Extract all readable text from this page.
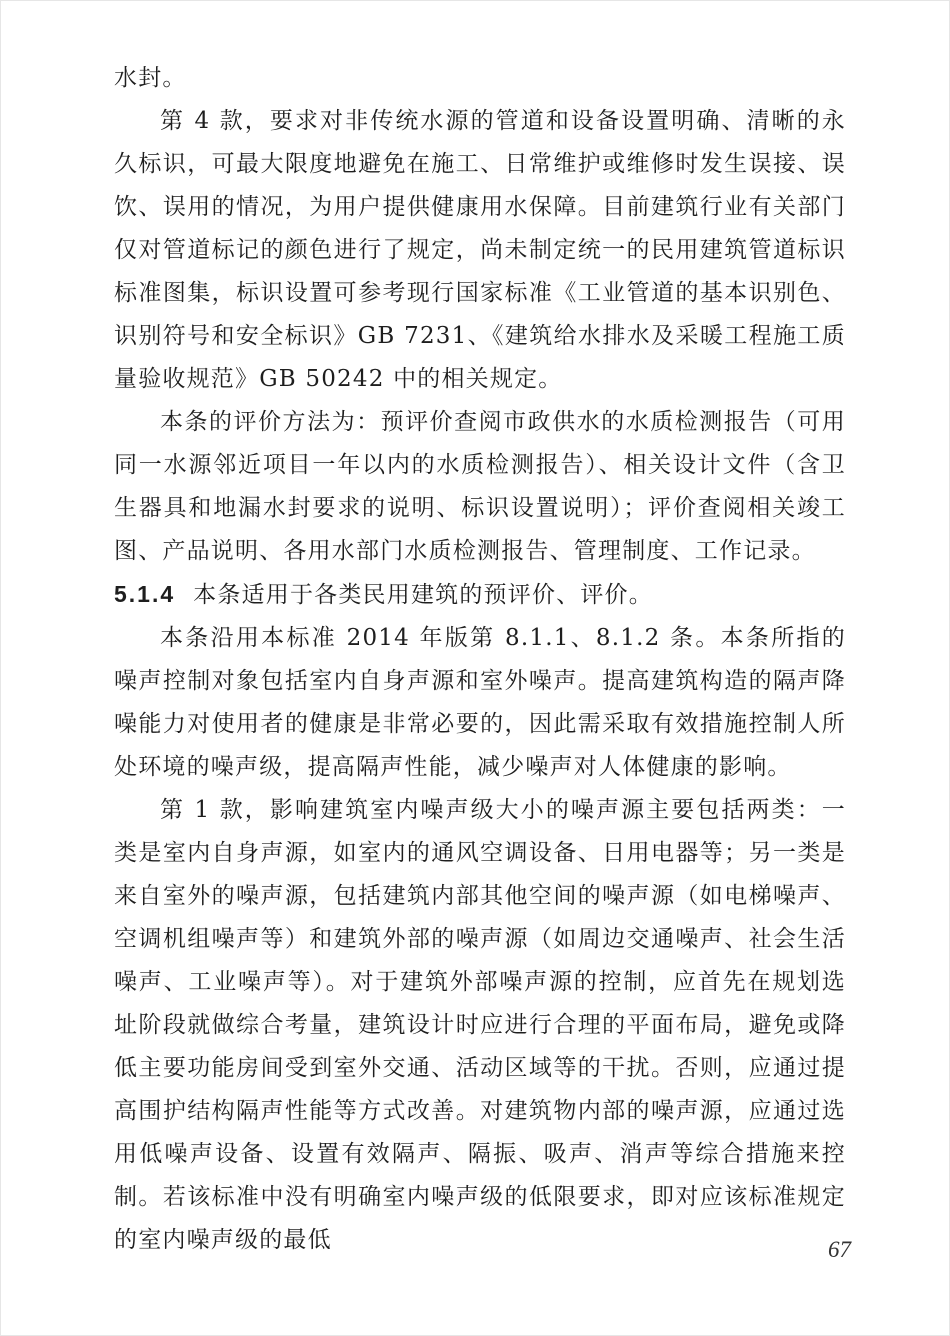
水封。

第 4 款，要求对非传统水源的管道和设备设置明确、清晰的永久标识，可最大限度地避免在施工、日常维护或维修时发生误接、误饮、误用的情况，为用户提供健康用水保障。目前建筑行业有关部门仅对管道标记的颜色进行了规定，尚未制定统一的民用建筑管道标识标准图集，标识设置可参考现行国家标准《工业管道的基本识别色、识别符号和安全标识》GB 7231、《建筑给水排水及采暖工程施工质量验收规范》GB 50242 中的相关规定。

本条的评价方法为：预评价查阅市政供水的水质检测报告（可用同一水源邻近项目一年以内的水质检测报告）、相关设计文件（含卫生器具和地漏水封要求的说明、标识设置说明）；评价查阅相关竣工图、产品说明、各用水部门水质检测报告、管理制度、工作记录。

5.1.4 本条适用于各类民用建筑的预评价、评价。

本条沿用本标准 2014 年版第 8.1.1、8.1.2 条。本条所指的噪声控制对象包括室内自身声源和室外噪声。提高建筑构造的隔声降噪能力对使用者的健康是非常必要的，因此需采取有效措施控制人所处环境的噪声级，提高隔声性能，减少噪声对人体健康的影响。

第 1 款，影响建筑室内噪声级大小的噪声源主要包括两类：一类是室内自身声源，如室内的通风空调设备、日用电器等；另一类是来自室外的噪声源，包括建筑内部其他空间的噪声源（如电梯噪声、空调机组噪声等）和建筑外部的噪声源（如周边交通噪声、社会生活噪声、工业噪声等）。对于建筑外部噪声源的控制，应首先在规划选址阶段就做综合考量，建筑设计时应进行合理的平面布局，避免或降低主要功能房间受到室外交通、活动区域等的干扰。否则，应通过提高围护结构隔声性能等方式改善。对建筑物内部的噪声源，应通过选用低噪声设备、设置有效隔声、隔振、吸声、消声等综合措施来控制。若该标准中没有明确室内噪声级的低限要求，即对应该标准规定的室内噪声级的最低	67
